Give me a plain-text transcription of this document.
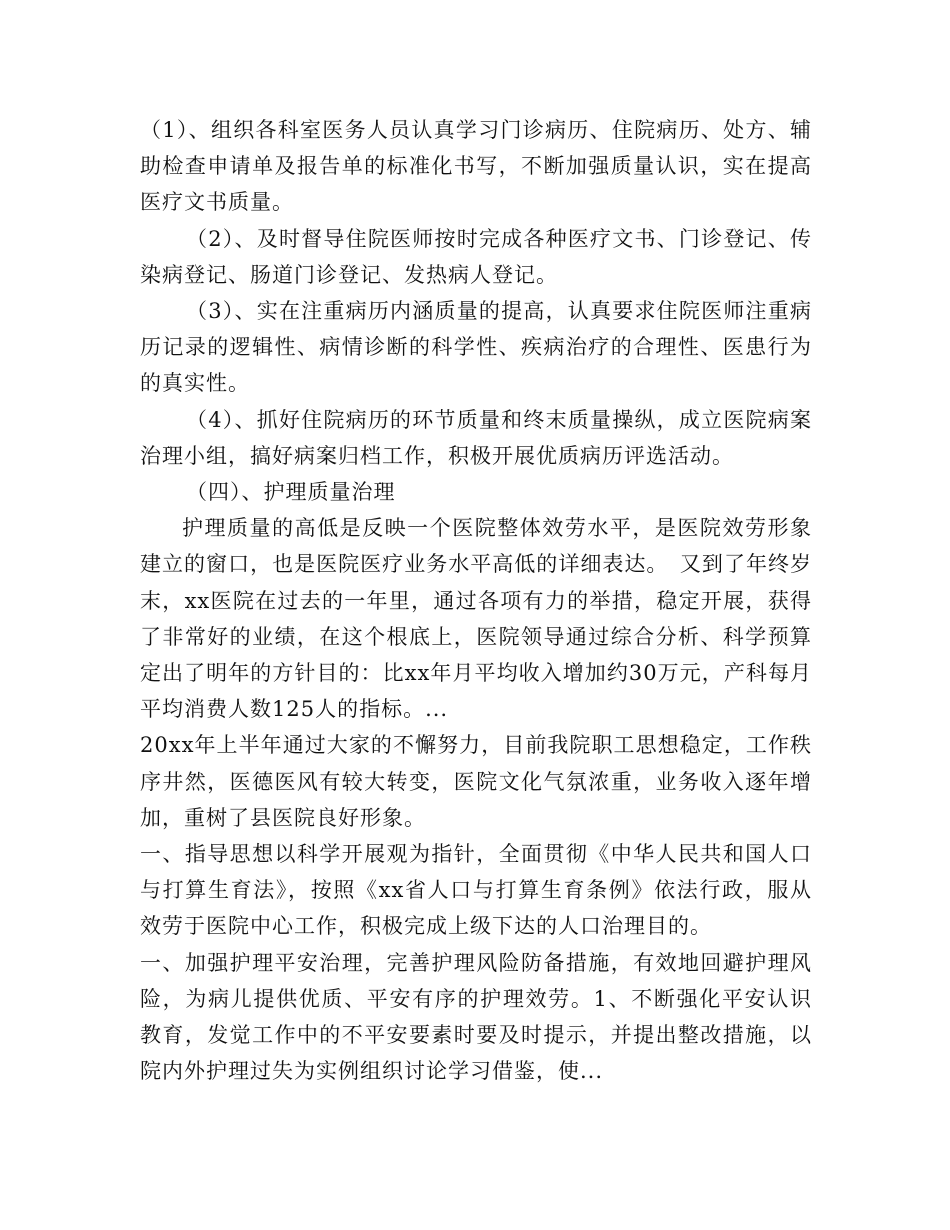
（1）、组织各科室医务人员认真学习门诊病历、住院病历、处方、辅助检查申请单及报告单的标准化书写，不断加强质量认识，实在提高医疗文书质量。

（2）、及时督导住院医师按时完成各种医疗文书、门诊登记、传染病登记、肠道门诊登记、发热病人登记。

（3）、实在注重病历内涵质量的提高，认真要求住院医师注重病历记录的逻辑性、病情诊断的科学性、疾病治疗的合理性、医患行为的真实性。

（4）、抓好住院病历的环节质量和终末质量操纵，成立医院病案治理小组，搞好病案归档工作，积极开展优质病历评选活动。

（四）、护理质量治理

护理质量的高低是反映一个医院整体效劳水平，是医院效劳形象建立的窗口，也是医院医疗业务水平高低的详细表达。　又到了年终岁末，xx医院在过去的一年里，通过各项有力的举措，稳定开展，获得了非常好的业绩，在这个根底上，医院领导通过综合分析、科学预算定出了明年的方针目的：比xx年月平均收入增加约30万元，产科每月平均消费人数125人的指标。...

20xx年上半年通过大家的不懈努力，目前我院职工思想稳定，工作秩序井然，医德医风有较大转变，医院文化气氛浓重，业务收入逐年增加，重树了县医院良好形象。

一、指导思想以科学开展观为指针，全面贯彻《中华人民共和国人口与打算生育法》，按照《xx省人口与打算生育条例》依法行政，服从效劳于医院中心工作，积极完成上级下达的人口治理目的。

一、加强护理平安治理，完善护理风险防备措施，有效地回避护理风险，为病儿提供优质、平安有序的护理效劳。1、不断强化平安认识教育，发觉工作中的不平安要素时要及时提示，并提出整改措施，以院内外护理过失为实例组织讨论学习借鉴，使...
